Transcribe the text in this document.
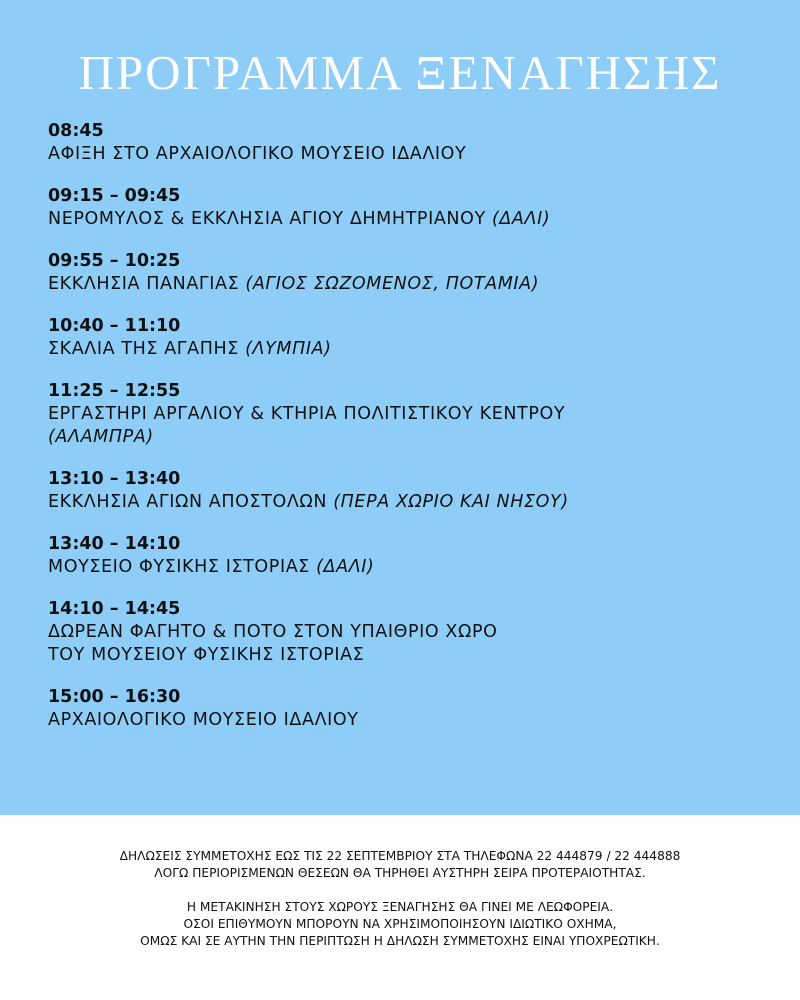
ΠΡΟΓΡΑΜΜΑ ΞΕΝΑΓΗΣΗΣ
08:45
ΑΦΙΞΗ ΣΤΟ ΑΡΧΑΙΟΛΟΓΙΚΟ ΜΟΥΣΕΙΟ ΙΔΑΛΙΟΥ
09:15 – 09:45
ΝΕΡΟΜΥΛΟΣ & ΕΚΚΛΗΣΙΑ ΑΓΙΟΥ ΔΗΜΗΤΡΙΑΝΟΥ (ΔΑΛΙ)
09:55 – 10:25
ΕΚΚΛΗΣΙΑ ΠΑΝΑΓΙΑΣ (ΑΓΙΟΣ ΣΩΖΟΜΕΝΟΣ, ΠΟΤΑΜΙΑ)
10:40 – 11:10
ΣΚΑΛΙΑ ΤΗΣ ΑΓΑΠΗΣ (ΛΥΜΠΙΑ)
11:25 – 12:55
ΕΡΓΑΣΤΗΡΙ ΑΡΓΑΛΙΟΥ & ΚΤΗΡΙΑ ΠΟΛΙΤΙΣΤΙΚΟΥ ΚΕΝΤΡΟΥ
(ΑΛΑΜΠΡΑ)
13:10 – 13:40
ΕΚΚΛΗΣΙΑ ΑΓΙΩΝ ΑΠΟΣΤΟΛΩΝ (ΠΕΡΑ ΧΩΡΙΟ ΚΑΙ ΝΗΣΟΥ)
13:40 – 14:10
ΜΟΥΣΕΙΟ ΦΥΣΙΚΗΣ ΙΣΤΟΡΙΑΣ (ΔΑΛΙ)
14:10 – 14:45
ΔΩΡΕΑΝ ΦΑΓΗΤΟ & ΠΟΤΟ ΣΤΟΝ ΥΠΑΙΘΡΙΟ ΧΩΡΟ
ΤΟΥ ΜΟΥΣΕΙΟΥ ΦΥΣΙΚΗΣ ΙΣΤΟΡΙΑΣ
15:00 – 16:30
ΑΡΧΑΙΟΛΟΓΙΚΟ ΜΟΥΣΕΙΟ ΙΔΑΛΙΟΥ
ΔΗΛΩΣΕΙΣ ΣΥΜΜΕΤΟΧΗΣ ΕΩΣ ΤΙΣ 22 ΣΕΠΤΕΜΒΡΙΟΥ ΣΤΑ ΤΗΛΕΦΩΝΑ 22 444879 / 22 444888
ΛΟΓΩ ΠΕΡΙΟΡΙΣΜΕΝΩΝ ΘΕΣΕΩΝ ΘΑ ΤΗΡΗΘΕΙ ΑΥΣΤΗΡΗ ΣΕΙΡΑ ΠΡΟΤΕΡΑΙΟΤΗΤΑΣ.
Η ΜΕΤΑΚΙΝΗΣΗ ΣΤΟΥΣ ΧΩΡΟΥΣ ΞΕΝΑΓΗΣΗΣ ΘΑ ΓΙΝΕΙ ΜΕ ΛΕΩΦΟΡΕΙΑ.
ΟΣΟΙ ΕΠΙΘΥΜΟΥΝ ΜΠΟΡΟΥΝ ΝΑ ΧΡΗΣΙΜΟΠΟΙΗΣΟΥΝ ΙΔΙΩΤΙΚΟ ΟΧΗΜΑ,
ΟΜΩΣ ΚΑΙ ΣΕ ΑΥΤΗΝ ΤΗΝ ΠΕΡΙΠΤΩΣΗ Η ΔΗΛΩΣΗ ΣΥΜΜΕΤΟΧΗΣ ΕΙΝΑΙ ΥΠΟΧΡΕΩΤΙΚΗ.
